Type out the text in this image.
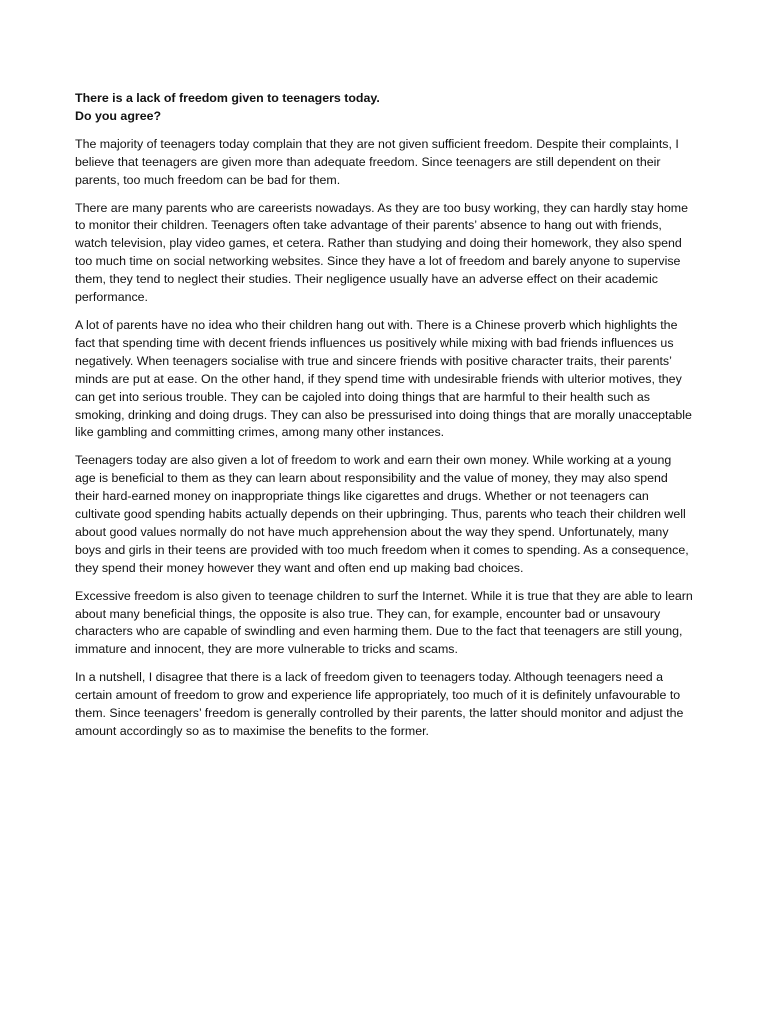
There is a lack of freedom given to teenagers today.

Do you agree?

The majority of teenagers today complain that they are not given sufficient freedom. Despite their complaints, I believe that teenagers are given more than adequate freedom. Since teenagers are still dependent on their parents, too much freedom can be bad for them.

There are many parents who are careerists nowadays. As they are too busy working, they can hardly stay home to monitor their children. Teenagers often take advantage of their parents’ absence to hang out with friends, watch television, play video games, et cetera. Rather than studying and doing their homework, they also spend too much time on social networking websites. Since they have a lot of freedom and barely anyone to supervise them, they tend to neglect their studies. Their negligence usually have an adverse effect on their academic performance.

A lot of parents have no idea who their children hang out with. There is a Chinese proverb which highlights the fact that spending time with decent friends influences us positively while mixing with bad friends influences us negatively. When teenagers socialise with true and sincere friends with positive character traits, their parents’ minds are put at ease. On the other hand, if they spend time with undesirable friends with ulterior motives, they can get into serious trouble. They can be cajoled into doing things that are harmful to their health such as smoking, drinking and doing drugs. They can also be pressurised into doing things that are morally unacceptable like gambling and committing crimes, among many other instances.

Teenagers today are also given a lot of freedom to work and earn their own money. While working at a young age is beneficial to them as they can learn about responsibility and the value of money, they may also spend their hard-earned money on inappropriate things like cigarettes and drugs. Whether or not teenagers can cultivate good spending habits actually depends on their upbringing. Thus, parents who teach their children well about good values normally do not have much apprehension about the way they spend. Unfortunately, many boys and girls in their teens are provided with too much freedom when it comes to spending. As a consequence, they spend their money however they want and often end up making bad choices.

Excessive freedom is also given to teenage children to surf the Internet. While it is true that they are able to learn about many beneficial things, the opposite is also true. They can, for example, encounter bad or unsavoury characters who are capable of swindling and even harming them. Due to the fact that teenagers are still young, immature and innocent, they are more vulnerable to tricks and scams.

In a nutshell, I disagree that there is a lack of freedom given to teenagers today. Although teenagers need a certain amount of freedom to grow and experience life appropriately, too much of it is definitely unfavourable to them. Since teenagers’ freedom is generally controlled by their parents, the latter should monitor and adjust the amount accordingly so as to maximise the benefits to the former.
